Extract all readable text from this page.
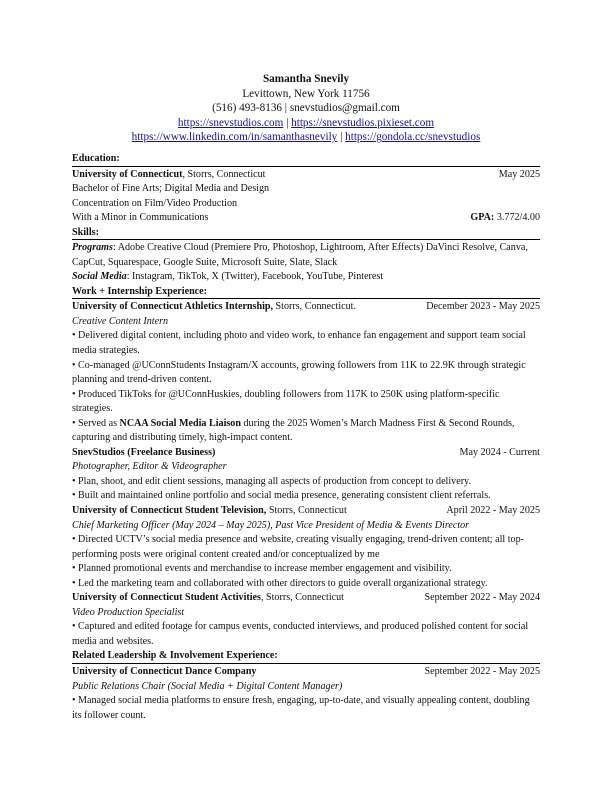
Samantha Snevily
Levittown, New York 11756
(516) 493-8136 | snevstudios@gmail.com
https://snevstudios.com | https://snevstudios.pixieset.com
https://www.linkedin.com/in/samanthasnevily | https://gondola.cc/snevstudios
Education:
University of Connecticut, Storrs, Connecticut	May 2025
Bachelor of Fine Arts; Digital Media and Design
Concentration on Film/Video Production
With a Minor in Communications	GPA: 3.772/4.00
Skills:
Programs: Adobe Creative Cloud (Premiere Pro, Photoshop, Lightroom, After Effects) DaVinci Resolve, Canva, CapCut, Squarespace, Google Suite, Microsoft Suite, Slate, Slack
Social Media: Instagram, TikTok, X (Twitter), Facebook, YouTube, Pinterest
Work + Internship Experience:
University of Connecticut Athletics Internship, Storrs, Connecticut.	December 2023 - May 2025
Creative Content Intern
• Delivered digital content, including photo and video work, to enhance fan engagement and support team social media strategies.
• Co-managed @UConnStudents Instagram/X accounts, growing followers from 11K to 22.9K through strategic planning and trend-driven content.
• Produced TikToks for @UConnHuskies, doubling followers from 117K to 250K using platform-specific strategies.
• Served as NCAA Social Media Liaison during the 2025 Women’s March Madness First & Second Rounds, capturing and distributing timely, high-impact content.
SnevStudios (Freelance Business)	May 2024 - Current
Photographer, Editor & Videographer
• Plan, shoot, and edit client sessions, managing all aspects of production from concept to delivery.
• Built and maintained online portfolio and social media presence, generating consistent client referrals.
University of Connecticut Student Television, Storrs, Connecticut	April 2022 - May 2025
Chief Marketing Officer (May 2024 – May 2025), Past Vice President of Media & Events Director
• Directed UCTV’s social media presence and website, creating visually engaging, trend-driven content; all top-performing posts were original content created and/or conceptualized by me
• Planned promotional events and merchandise to increase member engagement and visibility.
• Led the marketing team and collaborated with other directors to guide overall organizational strategy.
University of Connecticut Student Activities, Storrs, Connecticut	September 2022 - May 2024
Video Production Specialist
• Captured and edited footage for campus events, conducted interviews, and produced polished content for social media and websites.
Related Leadership & Involvement Experience:
University of Connecticut Dance Company	September 2022 - May 2025
Public Relations Chair (Social Media + Digital Content Manager)
• Managed social media platforms to ensure fresh, engaging, up-to-date, and visually appealing content, doubling its follower count.
